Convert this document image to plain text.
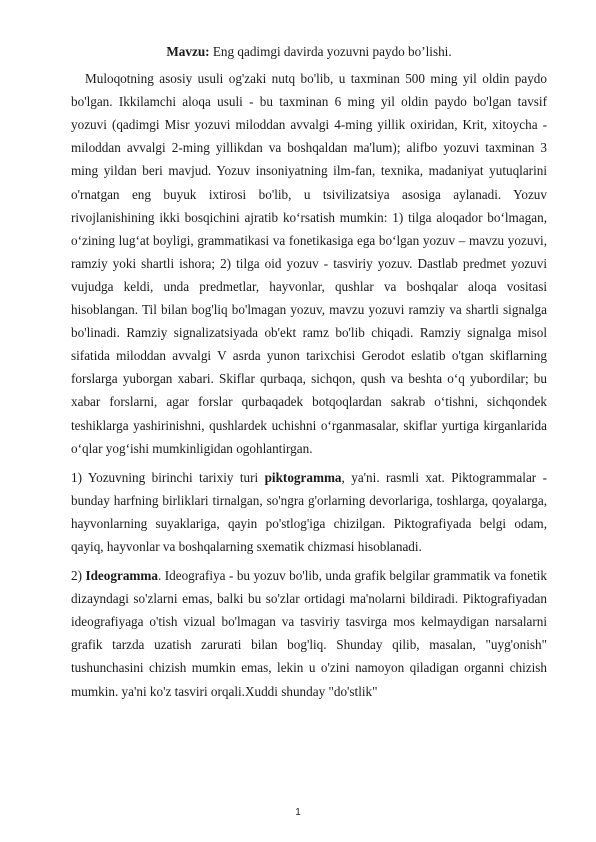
Mavzu: Eng qadimgi davirda yozuvni paydo bo’lishi.

Muloqotning asosiy usuli og'zaki nutq bo'lib, u taxminan 500 ming yil oldin paydo bo'lgan. Ikkilamchi aloqa usuli - bu taxminan 6 ming yil oldin paydo bo'lgan tavsif yozuvi (qadimgi Misr yozuvi miloddan avvalgi 4-ming yillik oxiridan, Krit, xitoycha - miloddan avvalgi 2-ming yillikdan va boshqaldan ma'lum); alifbo yozuvi taxminan 3 ming yildan beri mavjud. Yozuv insoniyatning ilm-fan, texnika, madaniyat yutuqlarini o'rnatgan eng buyuk ixtirosi bo'lib, u tsivilizatsiya asosiga aylanadi. Yozuv rivojlanishining ikki bosqichini ajratib ko‘rsatish mumkin: 1) tilga aloqador bo‘lmagan, o‘zining lug‘at boyligi, grammatikasi va fonetikasiga ega bo‘lgan yozuv – mavzu yozuvi, ramziy yoki shartli ishora; 2) tilga oid yozuv - tasviriy yozuv. Dastlab predmet yozuvi vujudga keldi, unda predmetlar, hayvonlar, qushlar va boshqalar aloqa vositasi hisoblangan. Til bilan bog'liq bo'lmagan yozuv, mavzu yozuvi ramziy va shartli signalga bo'linadi. Ramziy signalizatsiyada ob'ekt ramz bo'lib chiqadi. Ramziy signalga misol sifatida miloddan avvalgi V asrda yunon tarixchisi Gerodot eslatib o'tgan skiflarning forslarga yuborgan xabari. Skiflar qurbaqa, sichqon, qush va beshta o‘q yubordilar; bu xabar forslarni, agar forslar qurbaqadek botqoqlardan sakrab o‘tishni, sichqondek teshiklarga yashirinishni, qushlardek uchishni o‘rganmasalar, skiflar yurtiga kirganlarida o‘qlar yog‘ishi mumkinligidan ogohlantirgan.

1) Yozuvning birinchi tarixiy turi piktogramma, ya'ni. rasmli xat. Piktogrammalar - bunday harfning birliklari tirnalgan, so'ngra g'orlarning devorlariga, toshlarga, qoyalarga, hayvonlarning suyaklariga, qayin po'stlog'iga chizilgan. Piktografiyada belgi odam, qayiq, hayvonlar va boshqalarning sxematik chizmasi hisoblanadi.

2) Ideogramma. Ideografiya - bu yozuv bo'lib, unda grafik belgilar grammatik va fonetik dizayndagi so'zlarni emas, balki bu so'zlar ortidagi ma'nolarni bildiradi. Piktografiyadan ideografiyaga o'tish vizual bo'lmagan va tasviriy tasvirga mos kelmaydigan narsalarni grafik tarzda uzatish zarurati bilan bog'liq. Shunday qilib, masalan, "uyg'onish" tushunchasini chizish mumkin emas, lekin u o'zini namoyon qiladigan organni chizish mumkin. ya'ni ko'z tasviri orqali.Xuddi shunday "do'stlik"

1
